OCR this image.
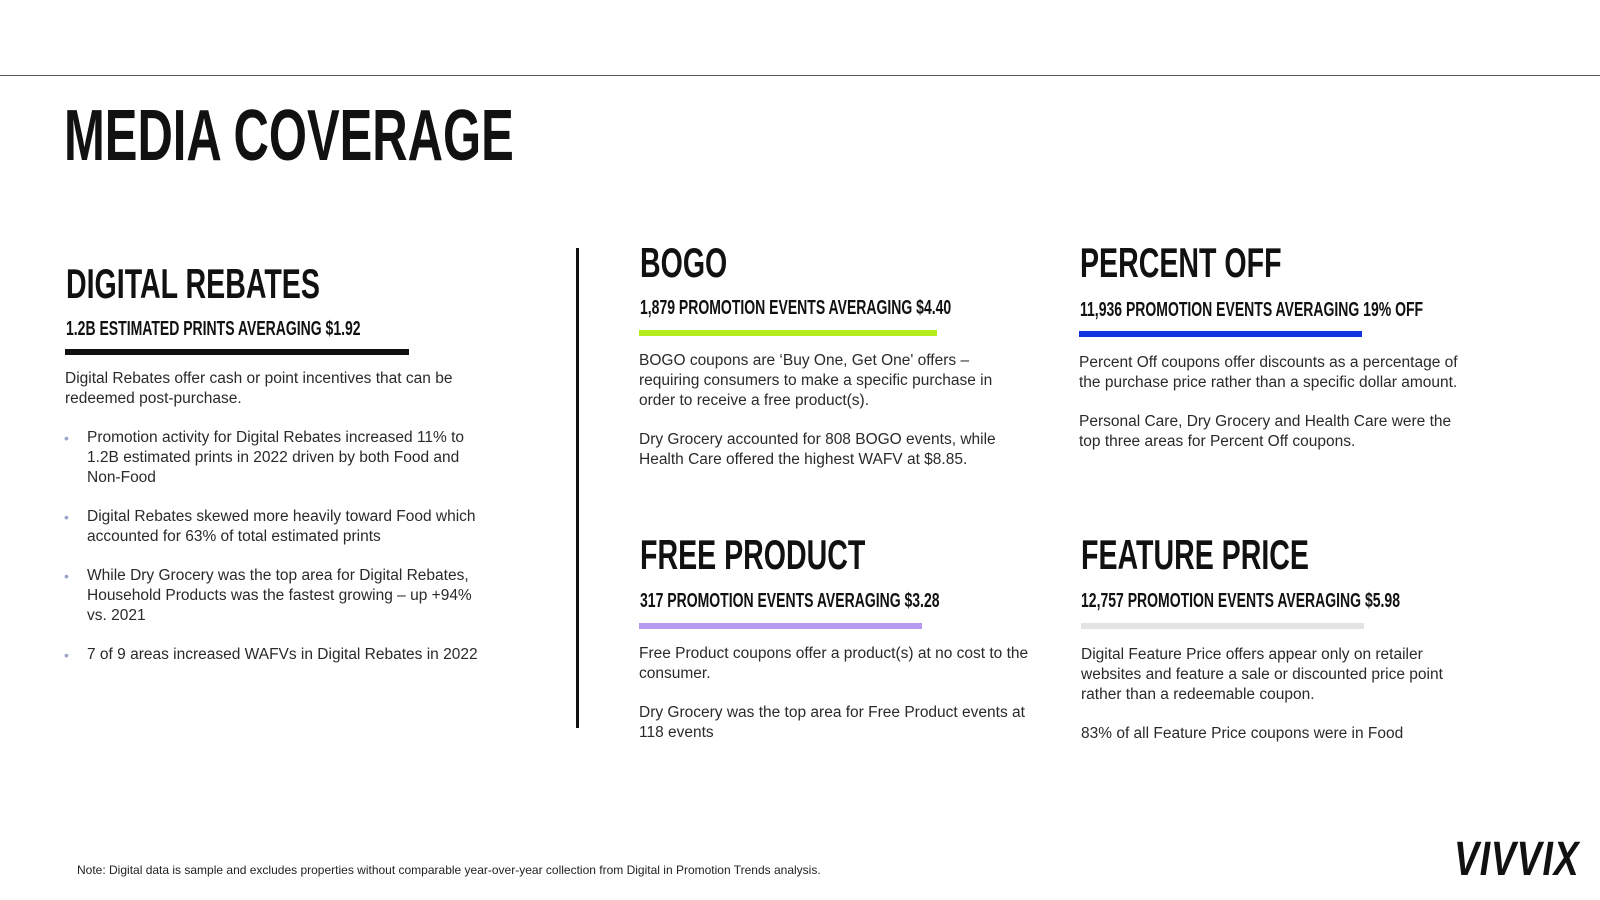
MEDIA COVERAGE
DIGITAL REBATES
1.2B ESTIMATED PRINTS AVERAGING $1.92
Digital Rebates offer cash or point incentives that can be redeemed post-purchase.
• Promotion activity for Digital Rebates increased 11% to 1.2B estimated prints in 2022 driven by both Food and Non-Food
• Digital Rebates skewed more heavily toward Food which accounted for 63% of total estimated prints
• While Dry Grocery was the top area for Digital Rebates, Household Products was the fastest growing – up +94% vs. 2021
• 7 of 9 areas increased WAFVs in Digital Rebates in 2022
BOGO
1,879 PROMOTION EVENTS AVERAGING $4.40

BOGO coupons are ‘Buy One, Get One' offers – requiring consumers to make a specific purchase in order to receive a free product(s).

Dry Grocery accounted for 808 BOGO events, while Health Care offered the highest WAFV at $8.85.

PERCENT OFF
11,936 PROMOTION EVENTS AVERAGING 19% OFF

Percent Off coupons offer discounts as a percentage of the purchase price rather than a specific dollar amount.

Personal Care, Dry Grocery and Health Care were the top three areas for Percent Off coupons.

FREE PRODUCT
317 PROMOTION EVENTS AVERAGING $3.28

Free Product coupons offer a product(s) at no cost to the consumer.

Dry Grocery was the top area for Free Product events at 118 events

FEATURE PRICE
12,757 PROMOTION EVENTS AVERAGING $5.98

Digital Feature Price offers appear only on retailer websites and feature a sale or discounted price point rather than a redeemable coupon.

83% of all Feature Price coupons were in Food

Note: Digital data is sample and excludes properties without comparable year-over-year collection from Digital in Promotion Trends analysis.	VIVVIX
